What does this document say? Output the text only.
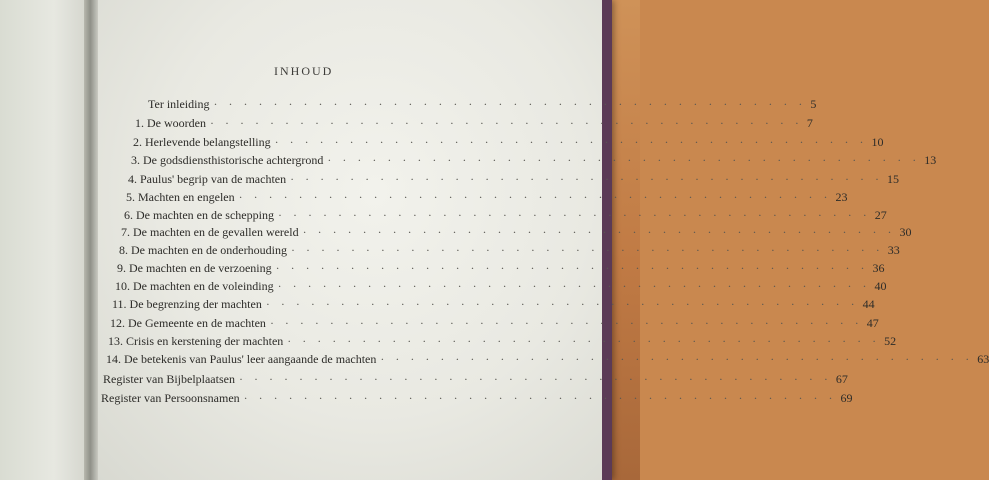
INHOUD
Ter inleiding · · · · · · · · · · · · · · · · · · · · · · · · · · · · · · · · · · · · · · · · 5
1. De woorden · · · · · · · · · · · · · · · · · · · · · · · · · · · · · · · · · · · · · · · · 7
2. Herlevende belangstelling · · · · · · · · · · · · · · · · · · · · · · · · · · · · · · · · · · · · · · · · 10
3. De godsdiensthistorische achtergrond · · · · · · · · · · · · · · · · · · · · · · · · · · · · · · · · · · · · · · · · 13
4. Paulus' begrip van de machten · · · · · · · · · · · · · · · · · · · · · · · · · · · · · · · · · · · · · · · · 15
5. Machten en engelen · · · · · · · · · · · · · · · · · · · · · · · · · · · · · · · · · · · · · · · · 23
6. De machten en de schepping · · · · · · · · · · · · · · · · · · · · · · · · · · · · · · · · · · · · · · · · 27
7. De machten en de gevallen wereld · · · · · · · · · · · · · · · · · · · · · · · · · · · · · · · · · · · · · · · · 30
8. De machten en de onderhouding · · · · · · · · · · · · · · · · · · · · · · · · · · · · · · · · · · · · · · · · 33
9. De machten en de verzoening · · · · · · · · · · · · · · · · · · · · · · · · · · · · · · · · · · · · · · · · 36
10. De machten en de voleinding · · · · · · · · · · · · · · · · · · · · · · · · · · · · · · · · · · · · · · · · 40
11. De begrenzing der machten · · · · · · · · · · · · · · · · · · · · · · · · · · · · · · · · · · · · · · · · 44
12. De Gemeente en de machten · · · · · · · · · · · · · · · · · · · · · · · · · · · · · · · · · · · · · · · · 47
13. Crisis en kerstening der machten · · · · · · · · · · · · · · · · · · · · · · · · · · · · · · · · · · · · · · · · 52
14. De betekenis van Paulus' leer aangaande de machten · · · · · · · · · · · · · · · · · · · · · · · · · · · · · · · · · · · · · · · · 63
Register van Bijbelplaatsen · · · · · · · · · · · · · · · · · · · · · · · · · · · · · · · · · · · · · · · · 67
Register van Persoonsnamen · · · · · · · · · · · · · · · · · · · · · · · · · · · · · · · · · · · · · · · · 69
